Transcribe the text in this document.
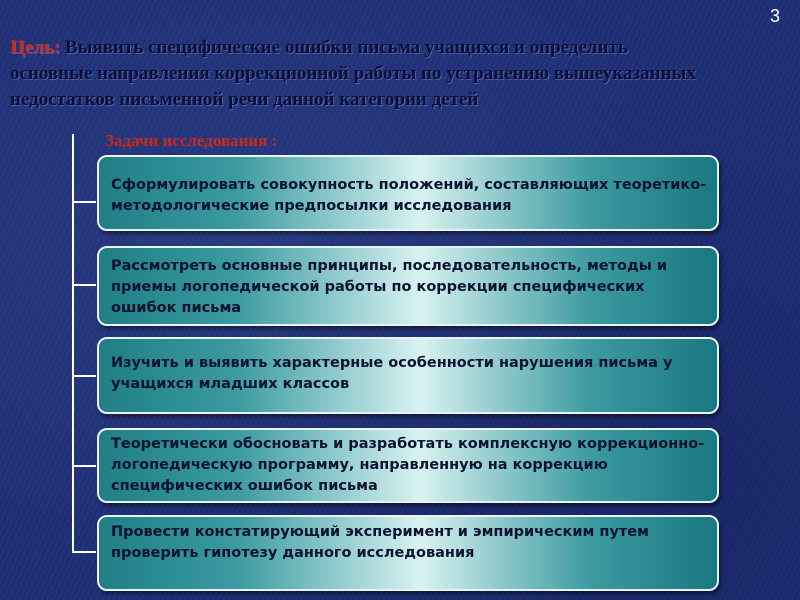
3
Цель: Выявить специфические ошибки письма учащихся и определить основные направления коррекционной работы по устранению вышеуказанных недостатков письменной речи данной категории детей
Задачи исследования :
Сформулировать совокупность положений, составляющих теоретико-методологические предпосылки исследования
Рассмотреть основные принципы, последовательность, методы и приемы логопедической работы по коррекции специфических ошибок письма
Изучить и выявить характерные особенности нарушения письма у учащихся младших классов
Теоретически обосновать и разработать комплексную коррекционно-логопедическую программу, направленную на коррекцию специфических ошибок письма
Провести констатирующий эксперимент и эмпирическим путем проверить гипотезу данного исследования
